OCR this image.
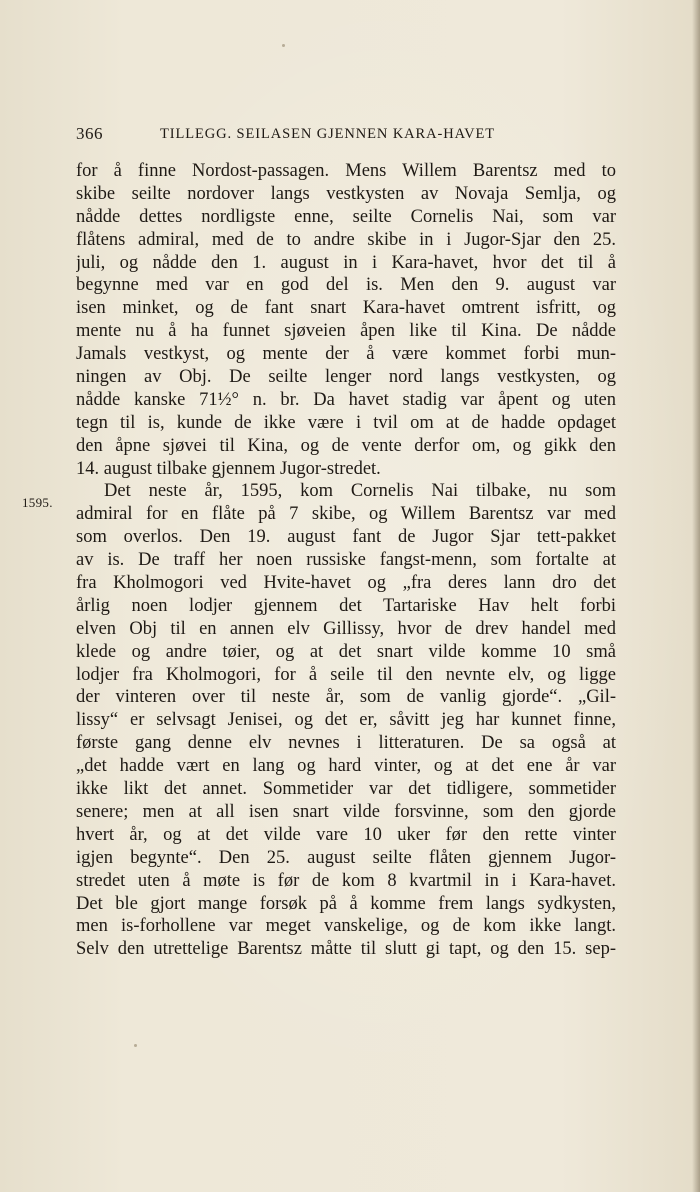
366	TILLEGG. SEILASEN GJENNEN KARA-HAVET
1595.
for å finne Nordost-passagen. Mens Willem Barentsz med to
skibe seilte nordover langs vestkysten av Novaja Semlja, og
nådde dettes nordligste enne, seilte Cornelis Nai, som var
flåtens admiral, med de to andre skibe in i Jugor-Sjar den 25.
juli, og nådde den 1. august in i Kara-havet, hvor det til å
begynne med var en god del is. Men den 9. august var
isen minket, og de fant snart Kara-havet omtrent isfritt, og
mente nu å ha funnet sjøveien åpen like til Kina. De nådde
Jamals vestkyst, og mente der å være kommet forbi mun-
ningen av Obj. De seilte lenger nord langs vestkysten, og
nådde kanske 71½° n. br. Da havet stadig var åpent og uten
tegn til is, kunde de ikke være i tvil om at de hadde opdaget
den åpne sjøvei til Kina, og de vente derfor om, og gikk den
14. august tilbake gjennem Jugor-stredet.
Det neste år, 1595, kom Cornelis Nai tilbake, nu som
admiral for en flåte på 7 skibe, og Willem Barentsz var med
som overlos. Den 19. august fant de Jugor Sjar tett-pakket
av is. De traff her noen russiske fangst-menn, som fortalte at
fra Kholmogori ved Hvite-havet og „fra deres lann dro det
årlig noen lodjer gjennem det Tartariske Hav helt forbi
elven Obj til en annen elv Gillissy, hvor de drev handel med
klede og andre tøier, og at det snart vilde komme 10 små
lodjer fra Kholmogori, for å seile til den nevnte elv, og ligge
der vinteren over til neste år, som de vanlig gjorde“. „Gil-
lissy“ er selvsagt Jenisei, og det er, såvitt jeg har kunnet finne,
første gang denne elv nevnes i litteraturen. De sa også at
„det hadde vært en lang og hard vinter, og at det ene år var
ikke likt det annet. Sommetider var det tidligere, sommetider
senere; men at all isen snart vilde forsvinne, som den gjorde
hvert år, og at det vilde vare 10 uker før den rette vinter
igjen begynte“. Den 25. august seilte flåten gjennem Jugor-
stredet uten å møte is før de kom 8 kvartmil in i Kara-havet.
Det ble gjort mange forsøk på å komme frem langs sydkysten,
men is-forhollene var meget vanskelige, og de kom ikke langt.
Selv den utrettelige Barentsz måtte til slutt gi tapt, og den 15. sep-
